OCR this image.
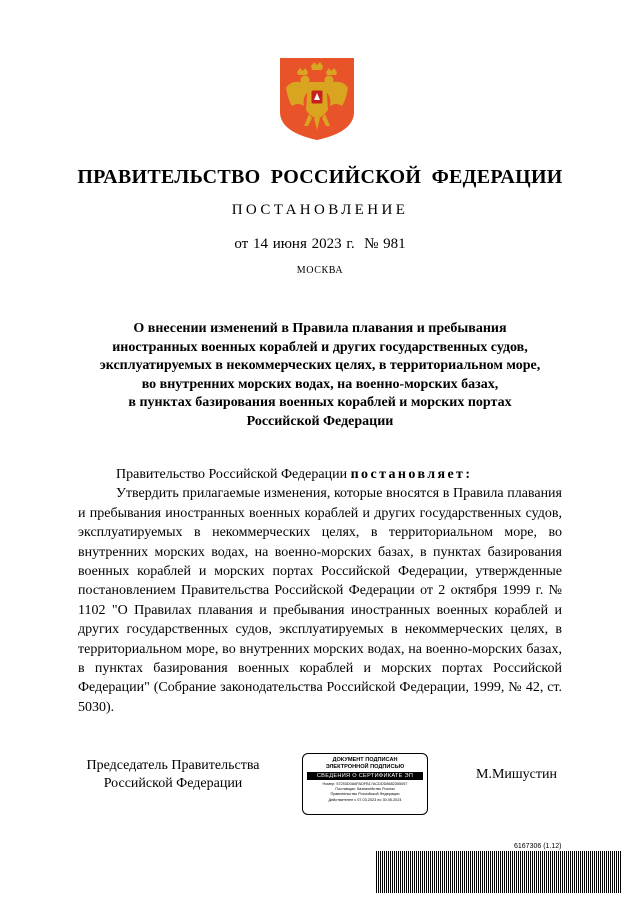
ПРАВИТЕЛЬСТВО РОССИЙСКОЙ ФЕДЕРАЦИИ
ПОСТАНОВЛЕНИЕ
от 14 июня 2023 г.  № 981
МОСКВА
О внесении изменений в Правила плавания и пребывания
иностранных военных кораблей и других государственных судов,
эксплуатируемых в некоммерческих целях, в территориальном море,
во внутренних морских водах, на военно-морских базах,
в пунктах базирования военных кораблей и морских портах
Российской Федерации

Правительство Российской Федерации постановляет:

Утвердить прилагаемые изменения, которые вносятся в Правила плавания и пребывания иностранных военных кораблей и других государственных судов, эксплуатируемых в некоммерческих целях, в территориальном море, во внутренних морских водах, на военно-морских базах, в пунктах базирования военных кораблей и морских портах Российской Федерации, утвержденные постановлением Правительства Российской Федерации от 2 октября 1999 г. № 1102 "О Правилах плавания и пребывания иностранных военных кораблей и других государственных судов, эксплуатируемых в некоммерческих целях, в территориальном море, во внутренних морских водах, на военно-морских базах, в пунктах базирования военных кораблей и морских портах Российской Федерации" (Собрание законодательства Российской Федерации, 1999, № 42, ст. 5030).

Председатель Правительства
Российской Федерации
ДОКУМЕНТ ПОДПИСАН
ЭЛЕКТРОННОЙ ПОДПИСЬЮ
СВЕДЕНИЯ О СЕРТИФИКАТЕ ЭП
Номер: 57253D0A6FADFB17ACDDD8682355057
Поставщик: Казначейство России
Правительство Российской Федерации
Действителен с 07.03.2023 по 30.05.2024
М.Мишустин
6167306 (1.12)
